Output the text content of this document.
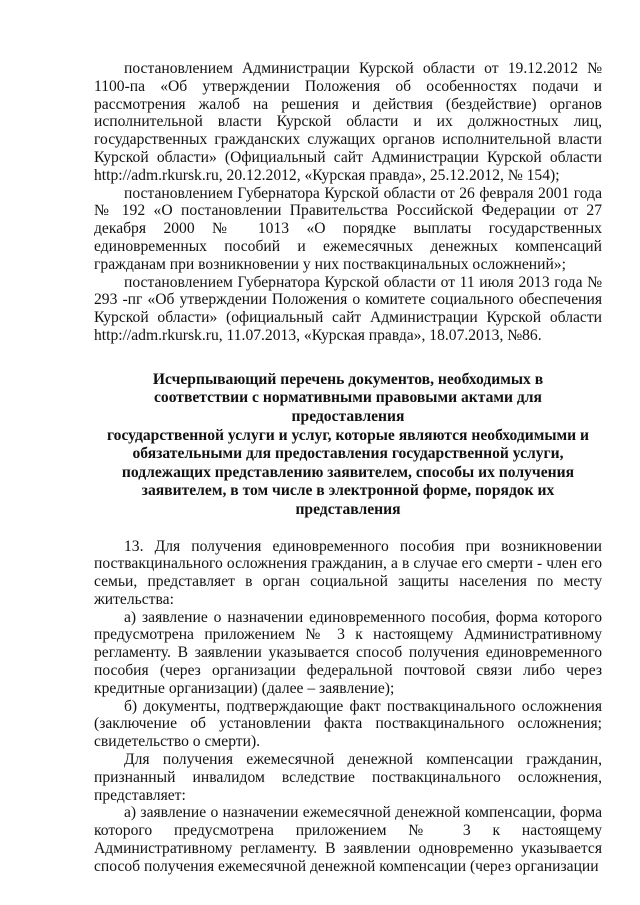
постановлением Администрации Курской области от 19.12.2012 № 1100-па «Об утверждении Положения об особенностях подачи и рассмотрения жалоб на решения и действия (бездействие) органов исполнительной власти Курской области и их должностных лиц, государственных гражданских служащих органов исполнительной власти Курской области» (Официальный сайт Администрации Курской области http://adm.rkursk.ru, 20.12.2012, «Курская правда», 25.12.2012, № 154);

постановлением Губернатора Курской области от 26 февраля 2001 года № 192 «О постановлении Правительства Российской Федерации от 27 декабря 2000 № 1013 «О порядке выплаты государственных единовременных пособий и ежемесячных денежных компенсаций гражданам при возникновении у них поствакцинальных осложнений»;

постановлением Губернатора Курской области от 11 июля 2013 года № 293 -пг «Об утверждении Положения о комитете социального обеспечения Курской области» (официальный сайт Администрации Курской области http://adm.rkursk.ru, 11.07.2013, «Курская правда», 18.07.2013, №86.

Исчерпывающий перечень документов, необходимых в
соответствии с нормативными правовыми актами для предоставления
государственной услуги и услуг, которые являются необходимыми и
обязательными для предоставления государственной услуги,
подлежащих представлению заявителем, способы их получения
заявителем, в том числе в электронной форме, порядок их
представления

13. Для получения единовременного пособия при возникновении поствакцинального осложнения гражданин, а в случае его смерти - член его семьи, представляет в орган социальной защиты населения по месту жительства:

а) заявление о назначении единовременного пособия, форма которого предусмотрена приложением № 3 к настоящему Административному регламенту. В заявлении указывается способ получения единовременного пособия (через организации федеральной почтовой связи либо через кредитные организации) (далее – заявление);

б) документы, подтверждающие факт поствакцинального осложнения (заключение об установлении факта поствакцинального осложнения; свидетельство о смерти).

Для получения ежемесячной денежной компенсации гражданин, признанный инвалидом вследствие поствакцинального осложнения, представляет:

а) заявление о назначении ежемесячной денежной компенсации, форма которого предусмотрена приложением № 3 к настоящему Административному регламенту. В заявлении одновременно указывается способ получения ежемесячной денежной компенсации (через организации
